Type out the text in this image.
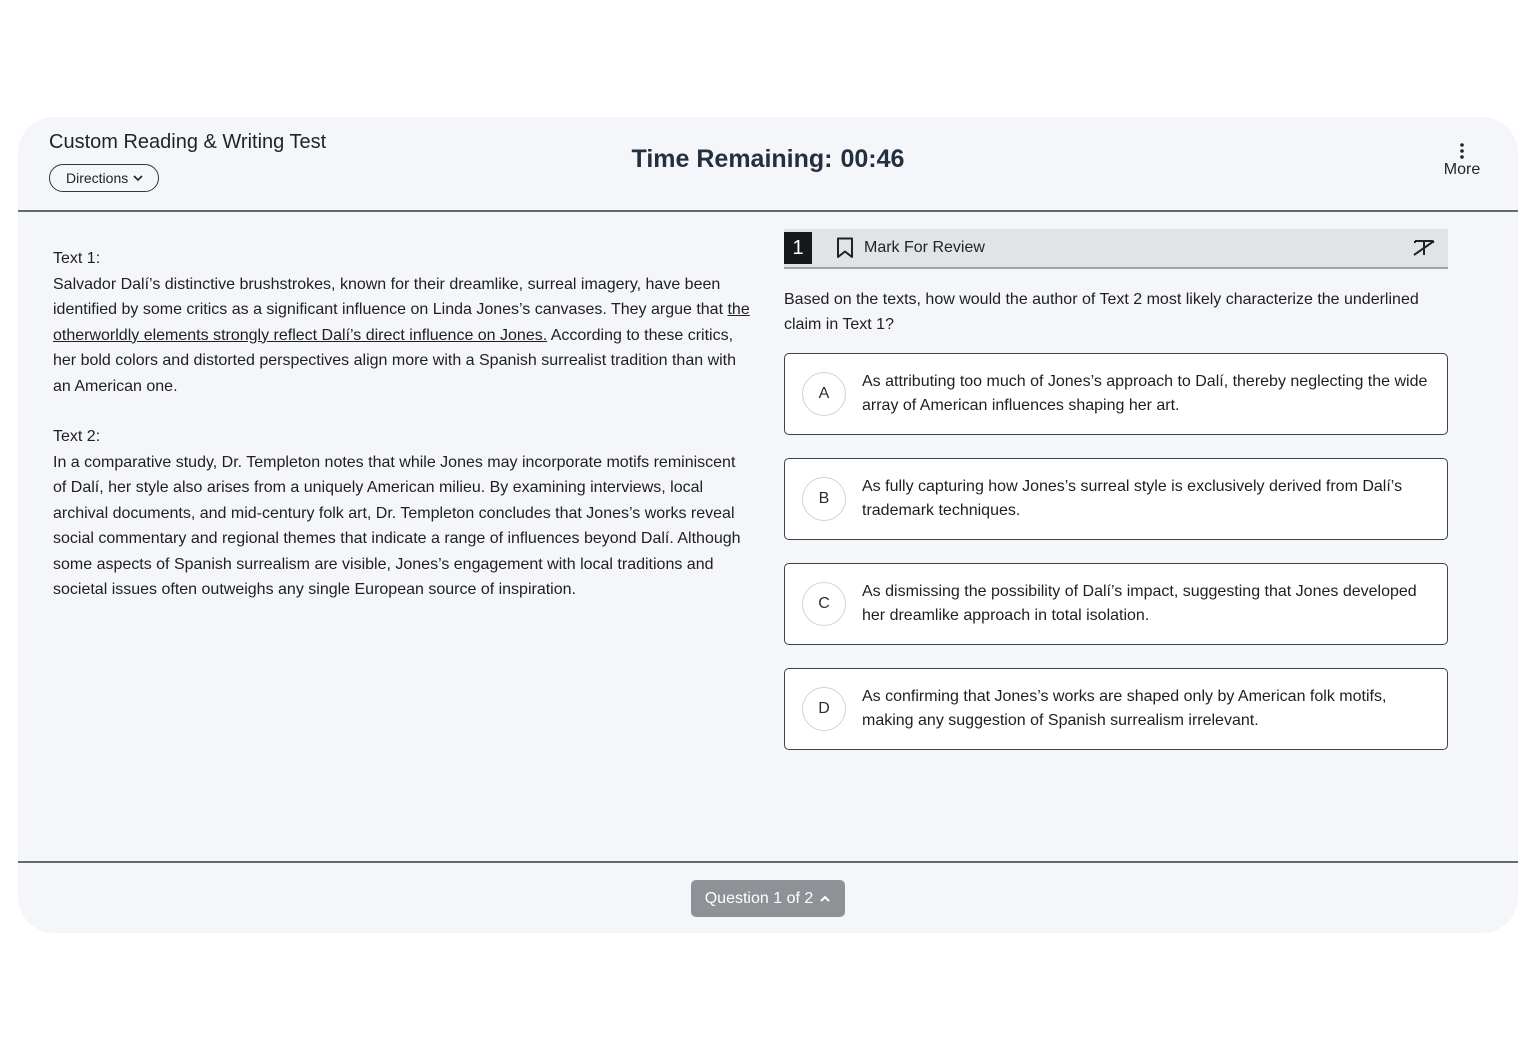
Custom Reading & Writing Test
Directions
Time Remaining: 00:46	More

Text 1:

Salvador Dalí’s distinctive brushstrokes, known for their dreamlike, surreal imagery, have been identified by some critics as a significant influence on Linda Jones’s canvases. They argue that the otherworldly elements strongly reflect Dalí’s direct influence on Jones. According to these critics, her bold colors and distorted perspectives align more with a Spanish surrealist tradition than with an American one.

Text 2:

In a comparative study, Dr. Templeton notes that while Jones may incorporate motifs reminiscent of Dalí, her style also arises from a uniquely American milieu. By examining interviews, local archival documents, and mid-century folk art, Dr. Templeton concludes that Jones’s works reveal social commentary and regional themes that indicate a range of influences beyond Dalí. Although some aspects of Spanish surrealism are visible, Jones’s engagement with local traditions and societal issues often outweighs any single European source of inspiration.

1	Mark For Review
Based on the texts, how would the author of Text 2 most likely characterize the underlined claim in Text 1?
A
As attributing too much of Jones’s approach to Dalí, thereby neglecting the wide array of American influences shaping her art.
B
As fully capturing how Jones’s surreal style is exclusively derived from Dalí’s trademark techniques.
C
As dismissing the possibility of Dalí’s impact, suggesting that Jones developed her dreamlike approach in total isolation.
D
As confirming that Jones’s works are shaped only by American folk motifs, making any suggestion of Spanish surrealism irrelevant.
Question 1 of 2
